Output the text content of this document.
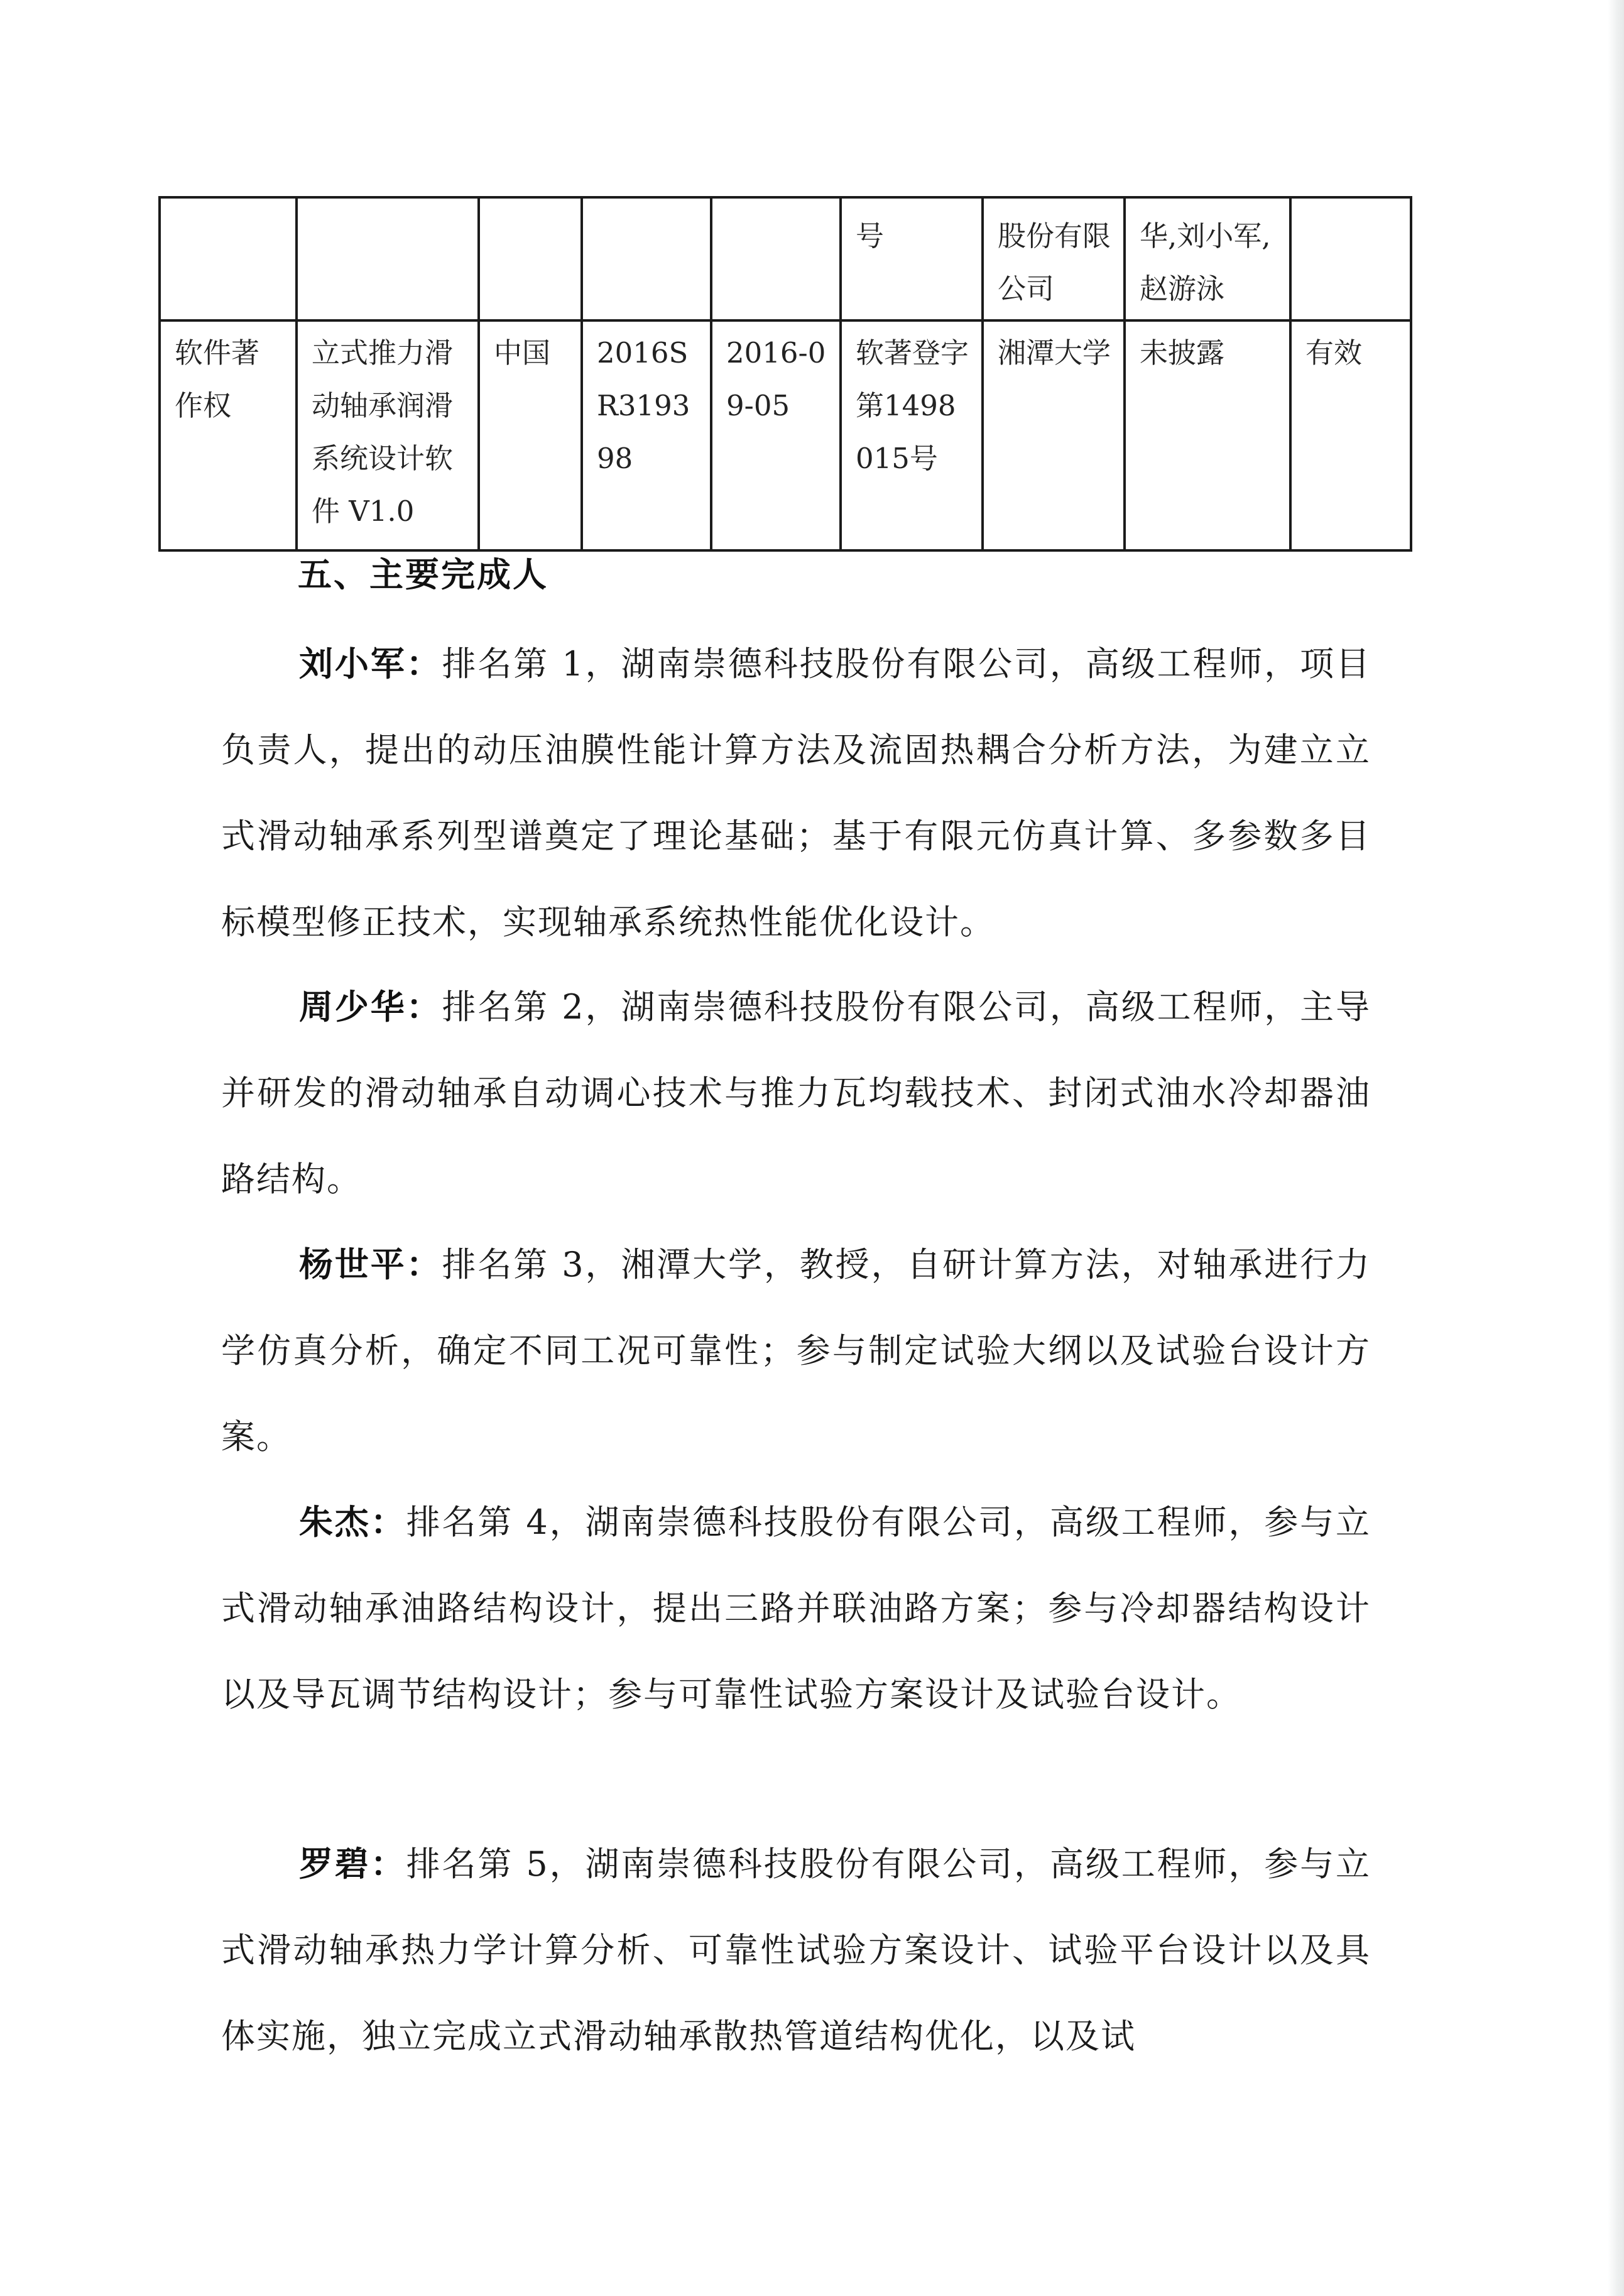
					号	股份有限公司	华,刘小军,赵游泳	
软件著作权	立式推力滑动轴承润滑系统设计软件 V1.0	中国	2016SR319398	2016-09-05	软著登字第1498015号	湘潭大学	未披露	有效
五、主要完成人

刘小军：排名第 1，湖南崇德科技股份有限公司，高级工程师，项目负责人，提出的动压油膜性能计算方法及流固热耦合分析方法，为建立立式滑动轴承系列型谱奠定了理论基础；基于有限元仿真计算、多参数多目标模型修正技术，实现轴承系统热性能优化设计。

周少华：排名第 2，湖南崇德科技股份有限公司，高级工程师，主导并研发的滑动轴承自动调心技术与推力瓦均载技术、封闭式油水冷却器油路结构。

杨世平：排名第 3，湘潭大学，教授，自研计算方法，对轴承进行力学仿真分析，确定不同工况可靠性；参与制定试验大纲以及试验台设计方案。

朱杰：排名第 4，湖南崇德科技股份有限公司，高级工程师，参与立式滑动轴承油路结构设计，提出三路并联油路方案；参与冷却器结构设计以及导瓦调节结构设计；参与可靠性试验方案设计及试验台设计。

罗碧：排名第 5，湖南崇德科技股份有限公司，高级工程师，参与立式滑动轴承热力学计算分析、可靠性试验方案设计、试验平台设计以及具体实施，独立完成立式滑动轴承散热管道结构优化，以及试
